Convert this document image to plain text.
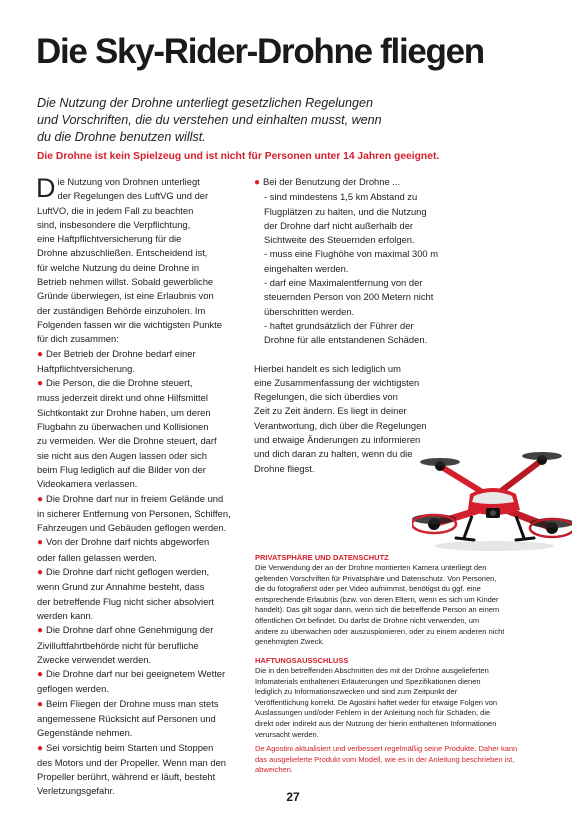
Die Sky-Rider-Drohne fliegen
Die Nutzung der Drohne unterliegt gesetzlichen Regelungen
und Vorschriften, die du verstehen und einhalten musst, wenn
du die Drohne benutzen willst.
Die Drohne ist kein Spielzeug und ist nicht für Personen unter 14 Jahren geeignet.
D ie Nutzung von Drohnen unterliegt
der Regelungen des LuftVG und der
LuftVO, die in jedem Fall zu beachten
sind, insbesondere die Verpflichtung,
eine Haftpflichtversicherung für die
Drohne abzuschließen. Entscheidend ist,
für welche Nutzung du deine Drohne in
Betrieb nehmen willst. Sobald gewerbliche
Gründe überwiegen, ist eine Erlaubnis von
der zuständigen Behörde einzuholen. Im
Folgenden fassen wir die wichtigsten Punkte
für dich zusammen:
● Der Betrieb der Drohne bedarf einer
Haftpflichtversicherung.
● Die Person, die die Drohne steuert,
muss jederzeit direkt und ohne Hilfsmittel
Sichtkontakt zur Drohne haben, um deren
Flugbahn zu überwachen und Kollisionen
zu vermeiden. Wer die Drohne steuert, darf
sie nicht aus den Augen lassen oder sich
beim Flug lediglich auf die Bilder von der
Videokamera verlassen.
● Die Drohne darf nur in freiem Gelände und
in sicherer Entfernung von Personen, Schiffen,
Fahrzeugen und Gebäuden geflogen werden.
● Von der Drohne darf nichts abgeworfen
oder fallen gelassen werden.
● Die Drohne darf nicht geflogen werden,
wenn Grund zur Annahme besteht, dass
der betreffende Flug nicht sicher absolviert
werden kann.
● Die Drohne darf ohne Genehmigung der
Zivilluftfahrtbehörde nicht für berufliche
Zwecke verwendet werden.
● Die Drohne darf nur bei geeignetem Wetter
geflogen werden.
● Beim Fliegen der Drohne muss man stets
angemessene Rücksicht auf Personen und
Gegenstände nehmen.
● Sei vorsichtig beim Starten und Stoppen
des Motors und der Propeller. Wenn man den
Propeller berührt, während er läuft, besteht
Verletzungsgefahr.
● Bei der Benutzung der Drohne ...
- sind mindestens 1,5 km Abstand zu
Flugplätzen zu halten, und die Nutzung
der Drohne darf nicht außerhalb der
Sichtweite des Steuernden erfolgen.
- muss eine Flughöhe von maximal 300 m
eingehalten werden.
- darf eine Maximalentfernung von der
steuernden Person von 200 Metern nicht
überschritten werden.
- haftet grundsätzlich der Führer der
Drohne für alle entstandenen Schäden.
Hierbei handelt es sich lediglich um
eine Zusammenfassung der wichtigsten
Regelungen, die sich überdies von
Zeit zu Zeit ändern. Es liegt in deiner
Verantwortung, dich über die Regelungen
und etwaige Änderungen zu informieren
und dich daran zu halten, wenn du die
Drohne fliegst.
PRIVATSPHÄRE UND DATENSCHUTZ
Die Verwendung der an der Drohne montierten Kamera unterliegt den
geltenden Vorschriften für Privatsphäre und Datenschutz. Von Personen,
die du fotografierst oder per Video aufnimmst, benötigst du ggf. eine
entsprechende Erlaubnis (bzw. von deren Eltern, wenn es sich um Kinder
handelt). Das gilt sogar dann, wenn sich die betreffende Person an einem
öffentlichen Ort befindet. Du darfst die Drohne nicht verwenden, um
andere zu überwachen oder auszuspionieren, oder zu einem anderen nicht
genehmigten Zweck.
HAFTUNGSAUSSCHLUSS
Die in den betreffenden Abschnitten des mit der Drohne ausgelieferten
Infomaterials enthaltenen Erläuterungen und Spezifikationen dienen
lediglich zu Informationszwecken und sind zum Zeitpunkt der
Veröffentlichung korrekt. De Agostini haftet weder für etwaige Folgen von
Auslassungen und/oder Fehlern in der Anleitung noch für Schäden, die
direkt oder indirekt aus der Nutzung der hierin enthaltenen Informationen
verursacht werden.
De Agostini aktualisiert und verbessert regelmäßig seine Produkte. Daher kann
das ausgelieferte Produkt vom Modell, wie es in der Anleitung beschrieben ist,
abweichen.
27
